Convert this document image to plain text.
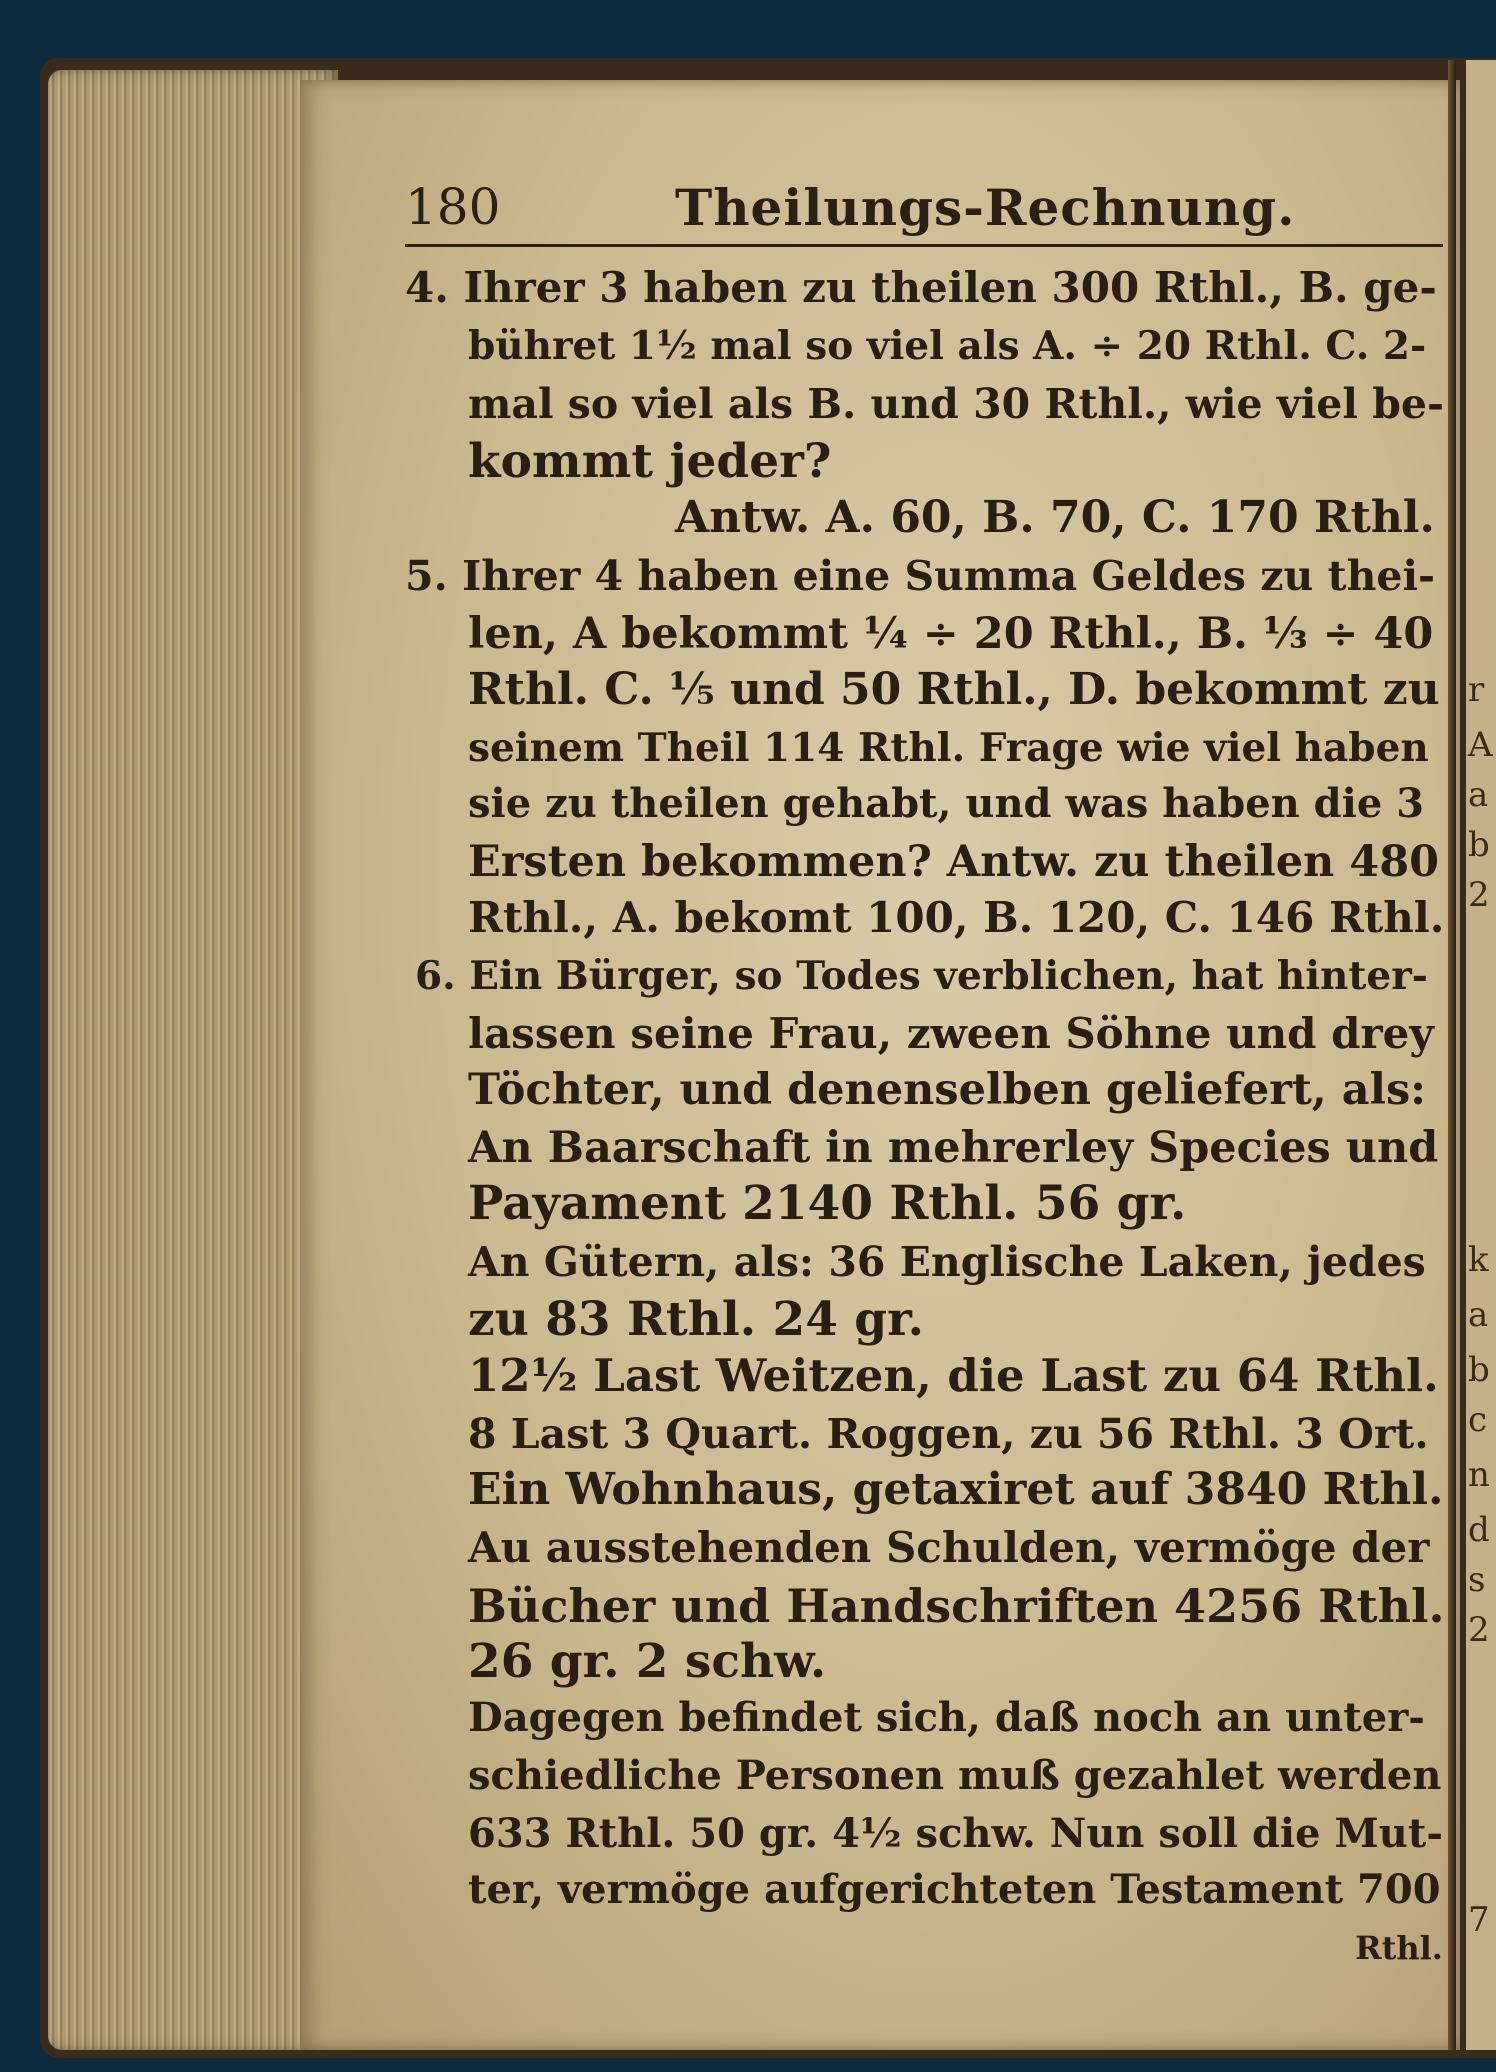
r
A
a
b
2
k
a
b
c
n
d
s
2
7
180	Theilungs-Rechnung.
4. Ihrer 3 haben zu theilen 300 Rthl., B. ge-
bühret 1½ mal so viel als A. ÷ 20 Rthl. C. 2-
mal so viel als B. und 30 Rthl., wie viel be-
kommt jeder?
Antw. A. 60, B. 70, C. 170 Rthl.
5. Ihrer 4 haben eine Summa Geldes zu thei-
len, A bekommt ¼ ÷ 20 Rthl., B. ⅓ ÷ 40
Rthl. C. ⅕ und 50 Rthl., D. bekommt zu
seinem Theil 114 Rthl. Frage wie viel haben
sie zu theilen gehabt, und was haben die 3
Ersten bekommen? Antw. zu theilen 480
Rthl., A. bekomt 100, B. 120, C. 146 Rthl.
6. Ein Bürger, so Todes verblichen, hat hinter-
lassen seine Frau, zween Söhne und drey
Töchter, und denenselben geliefert, als:
An Baarschaft in mehrerley Species und
Payament 2140 Rthl. 56 gr.
An Gütern, als: 36 Englische Laken, jedes
zu 83 Rthl. 24 gr.
12½ Last Weitzen, die Last zu 64 Rthl.
8 Last 3 Quart. Roggen, zu 56 Rthl. 3 Ort.
Ein Wohnhaus, getaxiret auf 3840 Rthl.
Au ausstehenden Schulden, vermöge der
Bücher und Handschriften 4256 Rthl.
26 gr. 2 schw.
Dagegen befindet sich, daß noch an unter-
schiedliche Personen muß gezahlet werden
633 Rthl. 50 gr. 4½ schw. Nun soll die Mut-
ter, vermöge aufgerichteten Testament 700
Rthl.
